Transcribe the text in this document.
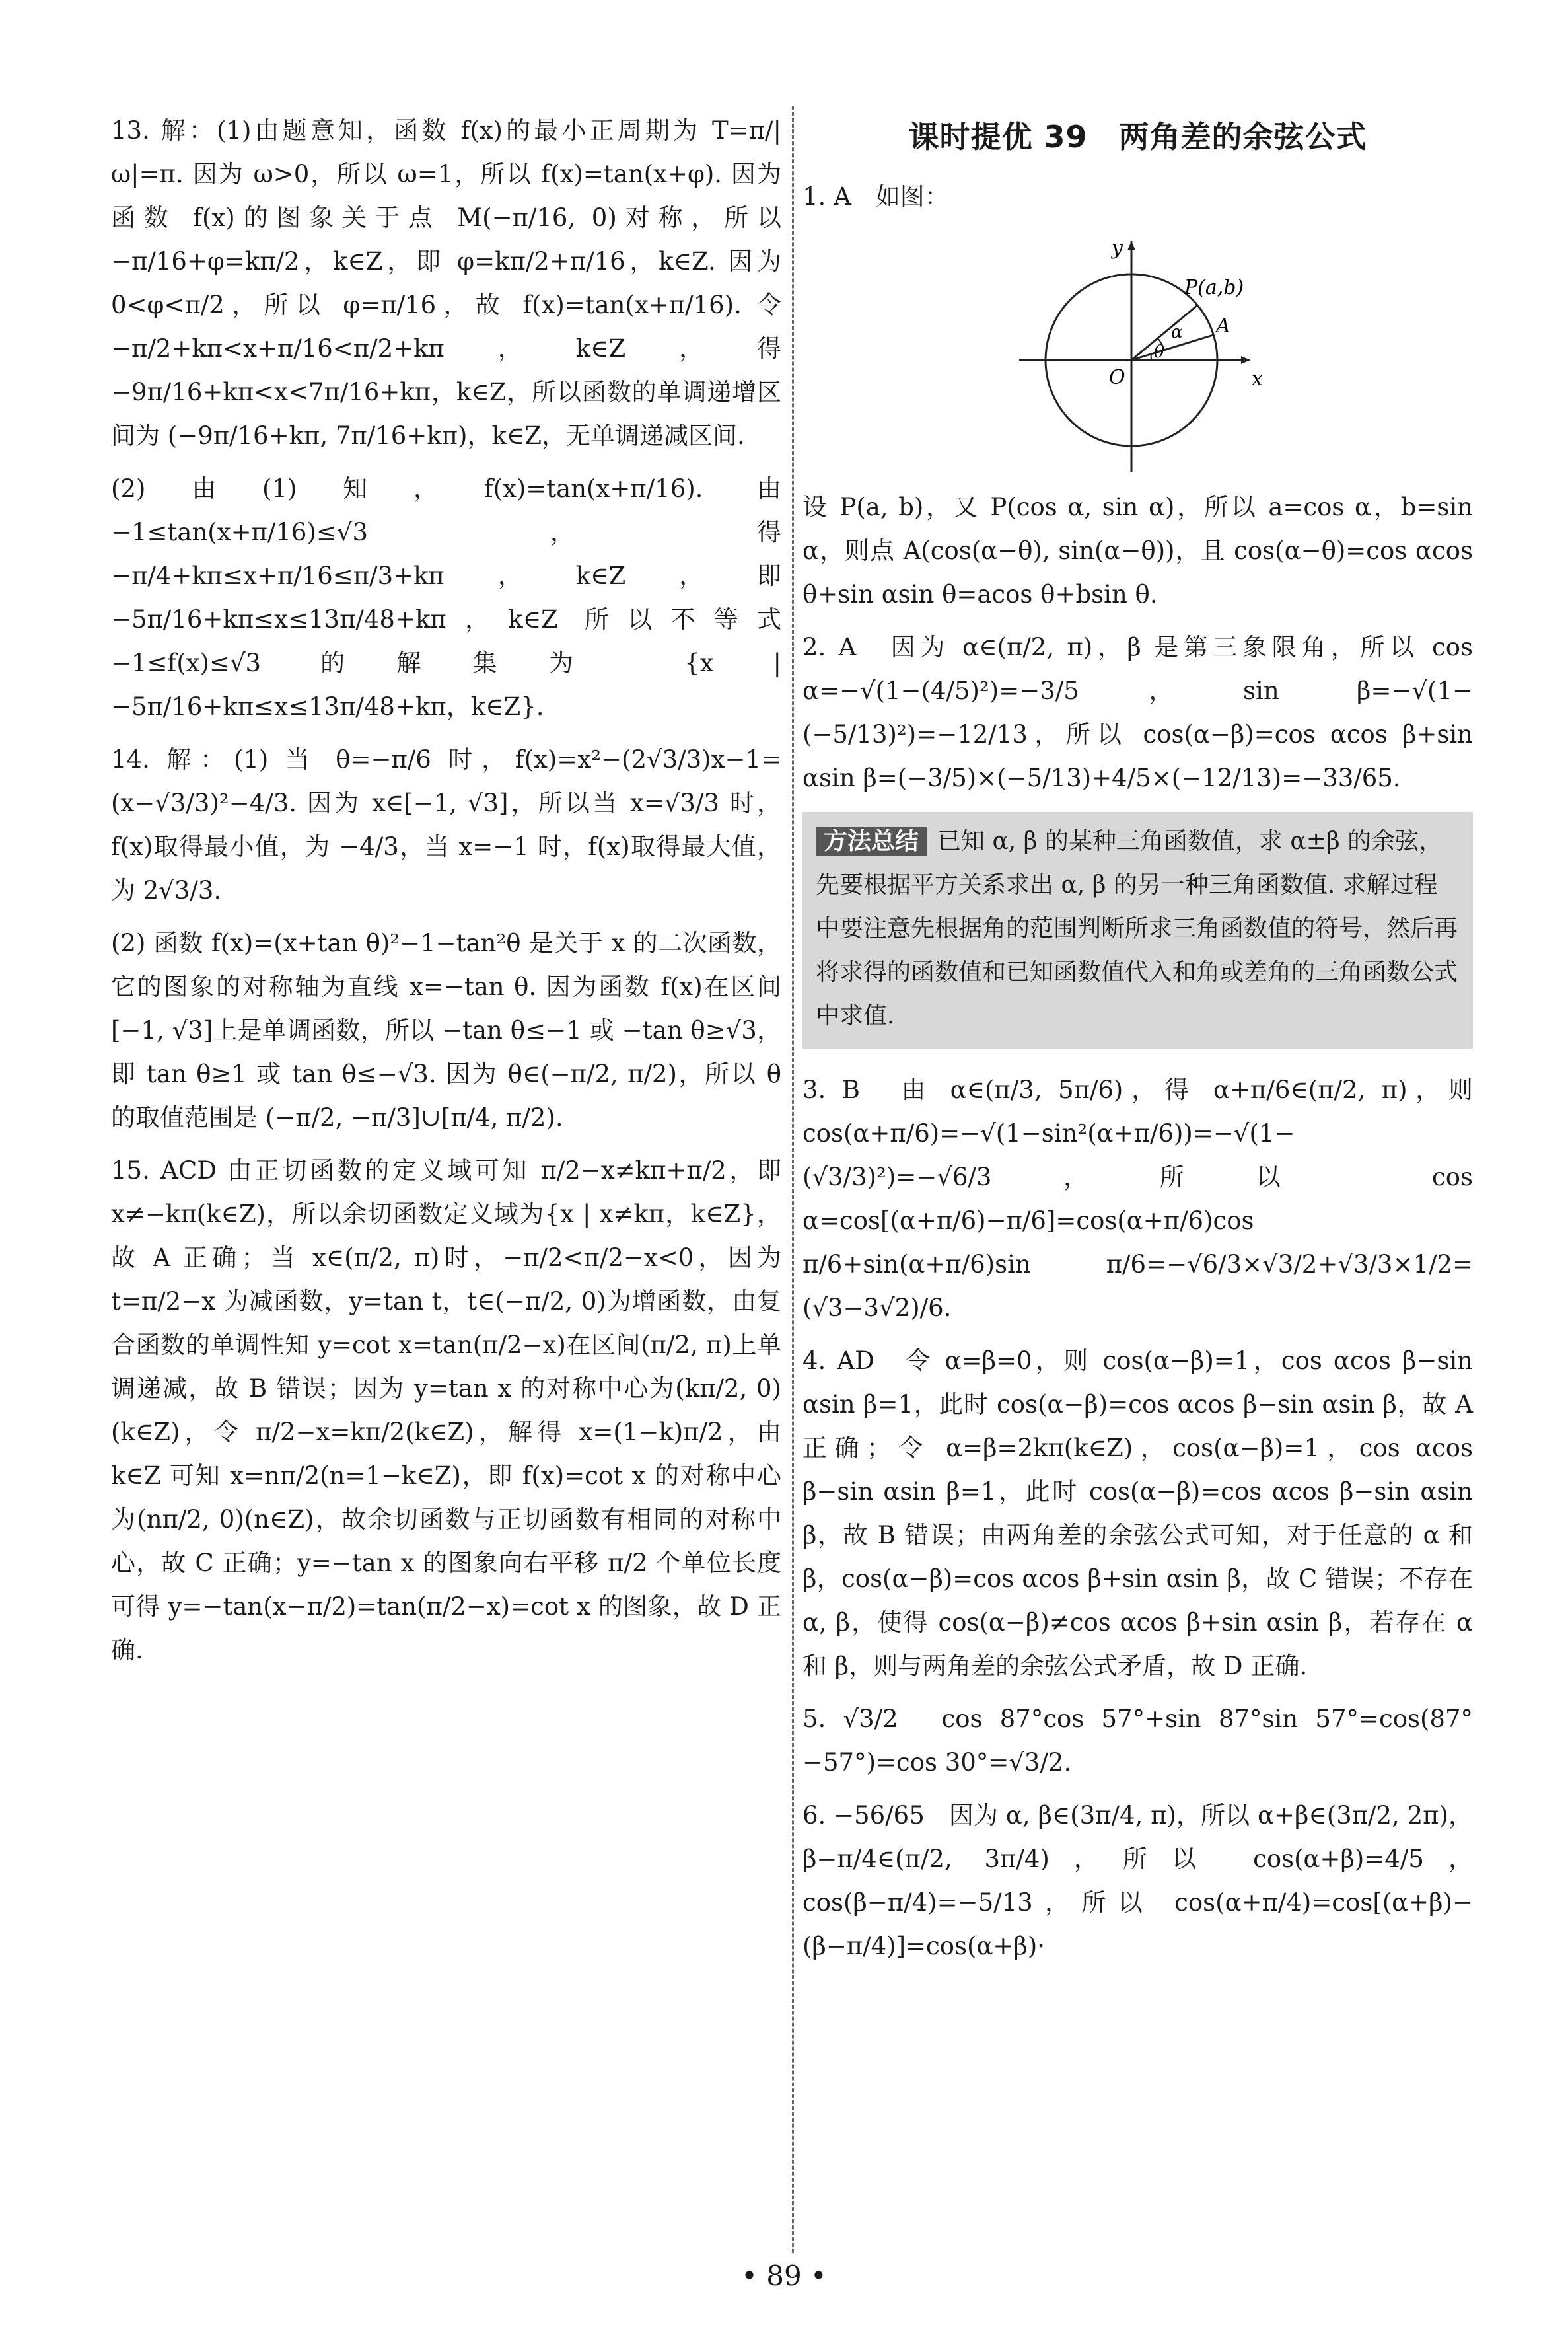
13. 解：(1)由题意知，函数 f(x)的最小正周期为 T=π/|ω|=π. 因为 ω>0，所以 ω=1，所以 f(x)=tan(x+φ). 因为函数 f(x)的图象关于点 M(−π/16, 0)对称，所以 −π/16+φ=kπ/2，k∈Z，即 φ=kπ/2+π/16，k∈Z. 因为 0<φ<π/2，所以 φ=π/16，故 f(x)=tan(x+π/16). 令 −π/2+kπ<x+π/16<π/2+kπ，k∈Z，得 −9π/16+kπ<x<7π/16+kπ，k∈Z，所以函数的单调递增区间为 (−9π/16+kπ, 7π/16+kπ)，k∈Z，无单调递减区间.

(2)由(1)知，f(x)=tan(x+π/16). 由 −1≤tan(x+π/16)≤√3，得 −π/4+kπ≤x+π/16≤π/3+kπ，k∈Z，即 −5π/16+kπ≤x≤13π/48+kπ，k∈Z 所以不等式 −1≤f(x)≤√3 的解集为 {x | −5π/16+kπ≤x≤13π/48+kπ，k∈Z}.

14. 解：(1) 当 θ=−π/6 时，f(x)=x²−(2√3/3)x−1=(x−√3/3)²−4/3. 因为 x∈[−1, √3]，所以当 x=√3/3 时，f(x)取得最小值，为 −4/3，当 x=−1 时，f(x)取得最大值，为 2√3/3.

(2) 函数 f(x)=(x+tan θ)²−1−tan²θ 是关于 x 的二次函数，它的图象的对称轴为直线 x=−tan θ. 因为函数 f(x)在区间[−1, √3]上是单调函数，所以 −tan θ≤−1 或 −tan θ≥√3，即 tan θ≥1 或 tan θ≤−√3. 因为 θ∈(−π/2, π/2)，所以 θ 的取值范围是 (−π/2, −π/3]∪[π/4, π/2).

15. ACD 由正切函数的定义域可知 π/2−x≠kπ+π/2，即 x≠−kπ(k∈Z)，所以余切函数定义域为{x | x≠kπ，k∈Z}，故 A 正确；当 x∈(π/2, π)时，−π/2<π/2−x<0，因为 t=π/2−x 为减函数，y=tan t，t∈(−π/2, 0)为增函数，由复合函数的单调性知 y=cot x=tan(π/2−x)在区间(π/2, π)上单调递减，故 B 错误；因为 y=tan x 的对称中心为(kπ/2, 0)(k∈Z)，令 π/2−x=kπ/2(k∈Z)，解得 x=(1−k)π/2，由 k∈Z 可知 x=nπ/2(n=1−k∈Z)，即 f(x)=cot x 的对称中心为(nπ/2, 0)(n∈Z)，故余切函数与正切函数有相同的对称中心，故 C 正确；y=−tan x 的图象向右平移 π/2 个单位长度可得 y=−tan(x−π/2)=tan(π/2−x)=cot x 的图象，故 D 正确.

课时提优 39　两角差的余弦公式

1. A　如图：

y
x
O
P(a,b)
A
α
θ

设 P(a, b)，又 P(cos α, sin α)，所以 a=cos α，b=sin α，则点 A(cos(α−θ), sin(α−θ))，且 cos(α−θ)=cos αcos θ+sin αsin θ=acos θ+bsin θ.

2. A　因为 α∈(π/2, π)，β 是第三象限角，所以 cos α=−√(1−(4/5)²)=−3/5，sin β=−√(1−(−5/13)²)=−12/13，所以 cos(α−β)=cos αcos β+sin αsin β=(−3/5)×(−5/13)+4/5×(−12/13)=−33/65.

方法总结 已知 α, β 的某种三角函数值，求 α±β 的余弦，先要根据平方关系求出 α, β 的另一种三角函数值. 求解过程中要注意先根据角的范围判断所求三角函数值的符号，然后再将求得的函数值和已知函数值代入和角或差角的三角函数公式中求值.

3. B　由 α∈(π/3, 5π/6)，得 α+π/6∈(π/2, π)，则 cos(α+π/6)=−√(1−sin²(α+π/6))=−√(1−(√3/3)²)=−√6/3，所以 cos α=cos[(α+π/6)−π/6]=cos(α+π/6)cos π/6+sin(α+π/6)sin π/6=−√6/3×√3/2+√3/3×1/2=(√3−3√2)/6.

4. AD　令 α=β=0，则 cos(α−β)=1，cos αcos β−sin αsin β=1，此时 cos(α−β)=cos αcos β−sin αsin β，故 A 正确；令 α=β=2kπ(k∈Z)，cos(α−β)=1，cos αcos β−sin αsin β=1，此时 cos(α−β)=cos αcos β−sin αsin β，故 B 错误；由两角差的余弦公式可知，对于任意的 α 和 β，cos(α−β)=cos αcos β+sin αsin β，故 C 错误；不存在 α, β，使得 cos(α−β)≠cos αcos β+sin αsin β，若存在 α 和 β，则与两角差的余弦公式矛盾，故 D 正确.

5. √3/2　cos 87°cos 57°+sin 87°sin 57°=cos(87°−57°)=cos 30°=√3/2.

6. −56/65　因为 α, β∈(3π/4, π)，所以 α+β∈(3π/2, 2π)，β−π/4∈(π/2, 3π/4)，所以 cos(α+β)=4/5，cos(β−π/4)=−5/13，所以 cos(α+π/4)=cos[(α+β)−(β−π/4)]=cos(α+β)·

• 89 •
